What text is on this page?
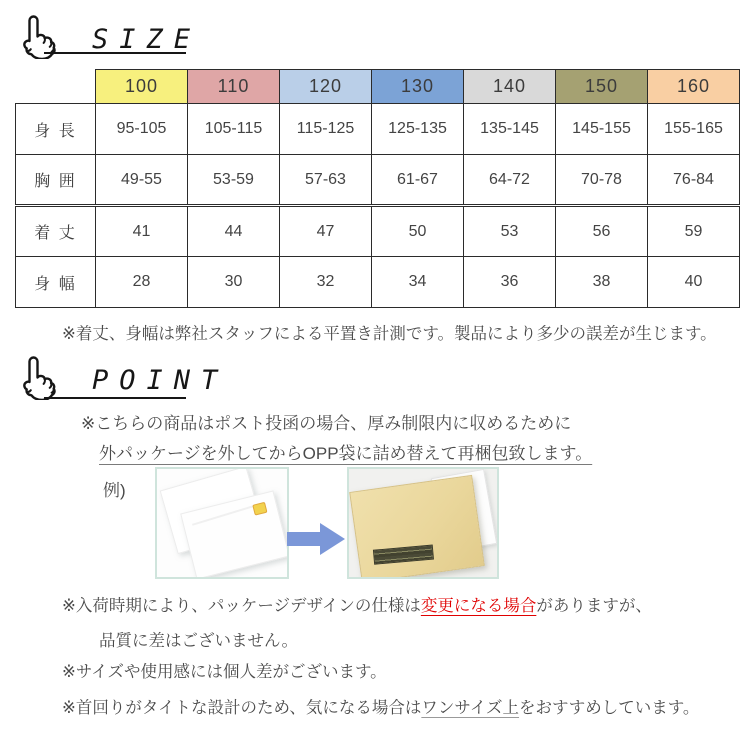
SIZE
	100	110	120	130	140	150	160
身 長	95-105	105-115	115-125	125-135	135-145	145-155	155-165
胸 囲	49-55	53-59	57-63	61-67	64-72	70-78	76-84
着 丈	41	44	47	50	53	56	59
身 幅	28	30	32	34	36	38	40
※着丈、身幅は弊社スタッフによる平置き計測です。製品により多少の誤差が生じます。
POINT
※こちらの商品はポスト投函の場合、厚み制限内に収めるために
外パッケージを外してからOPP袋に詰め替えて再梱包致します。
例)
※入荷時期により、パッケージデザインの仕様は変更になる場合がありますが、
品質に差はございません。
※サイズや使用感には個人差がございます。
※首回りがタイトな設計のため、気になる場合はワンサイズ上をおすすめしています。
